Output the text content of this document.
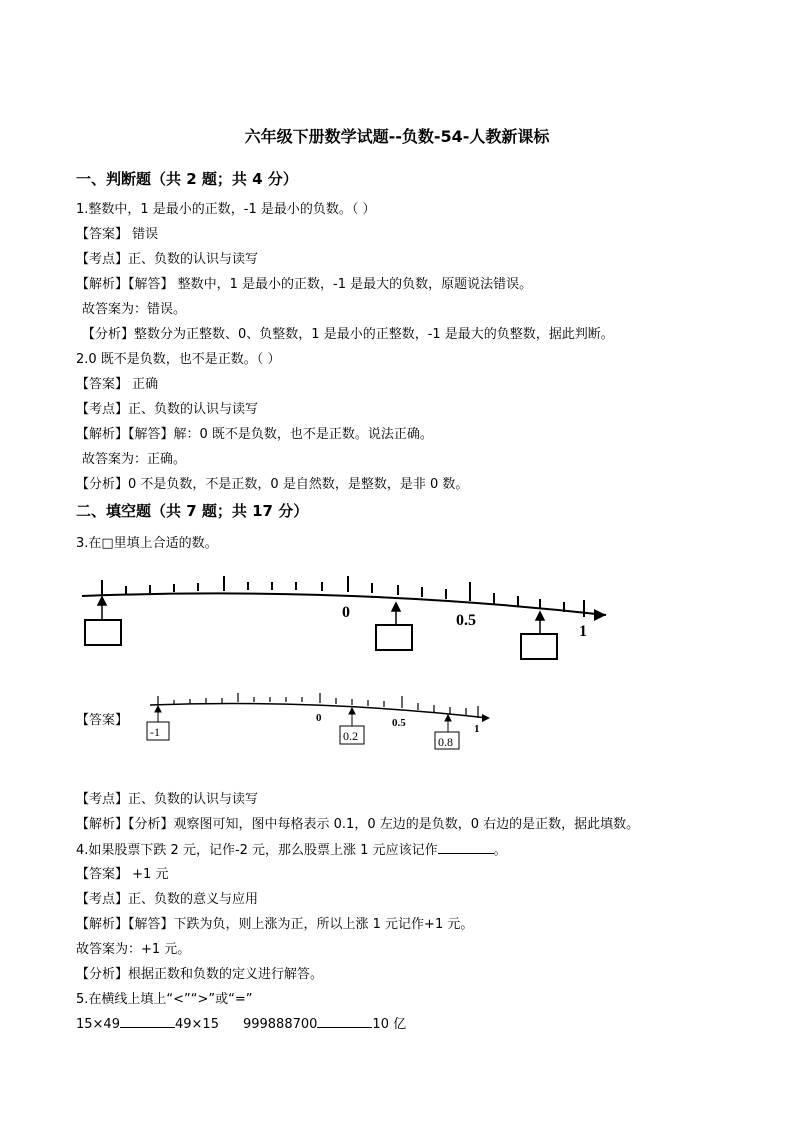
六年级下册数学试题--负数-54-人教新课标
一、判断题（共 2 题；共 4 分）
1.整数中，1 是最小的正数，-1 是最小的负数。（ ）
【答案】 错误
【考点】正、负数的认识与读写
【解析】【解答】 整数中，1 是最小的正数，-1 是最大的负数，原题说法错误。
故答案为：错误。
【分析】整数分为正整数、0、负整数，1 是最小的正整数，-1 是最大的负整数，据此判断。
2.0 既不是负数，也不是正数。（ ）
【答案】 正确
【考点】正、负数的认识与读写
【解析】【解答】解：0 既不是负数，也不是正数。说法正确。
故答案为：正确。
【分析】0 不是负数，不是正数，0 是自然数，是整数，是非 0 数。
二、填空题（共 7 题；共 17 分）
3.在□里填上合适的数。
0	0.5
1
【答案】	0	0.5	1
-1	0.2	0.8
【考点】正、负数的认识与读写
【解析】【分析】观察图可知，图中每格表示 0.1，0 左边的是负数，0 右边的是正数，据此填数。
4.如果股票下跌 2 元，记作-2 元，那么股票上涨 1 元应该记作	。
【答案】 +1 元
【考点】正、负数的意义与应用
【解析】【解答】下跌为负，则上涨为正，所以上涨 1 元记作+1 元。
故答案为：+1 元。
【分析】根据正数和负数的定义进行解答。
5.在横线上填上“<”“>”或“=”
15×49	49×15 999888700	10 亿
